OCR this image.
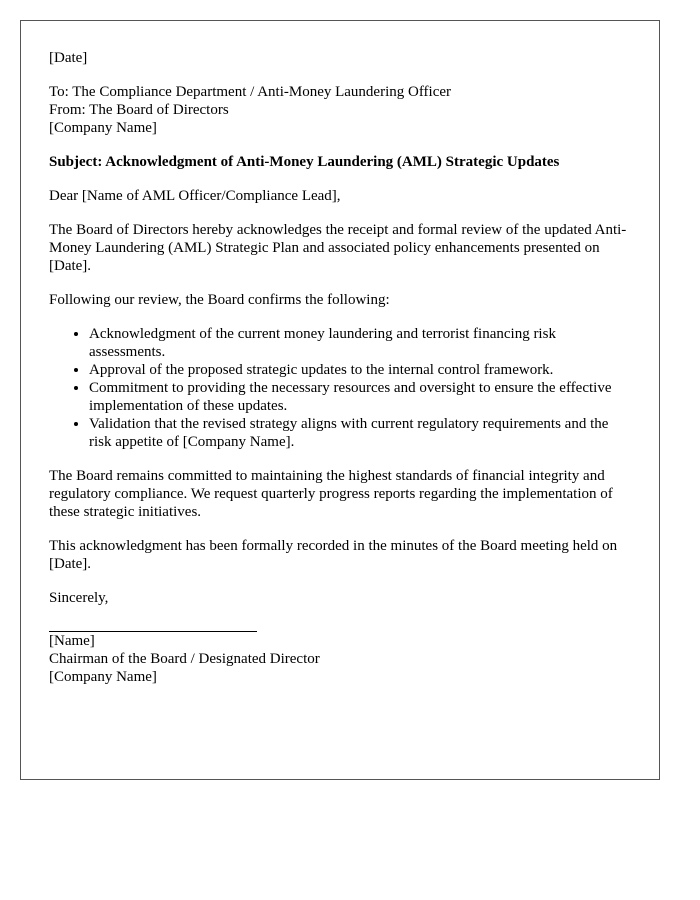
[Date]

To: The Compliance Department / Anti-Money Laundering Officer
From: The Board of Directors
[Company Name]

Subject: Acknowledgment of Anti-Money Laundering (AML) Strategic Updates

Dear [Name of AML Officer/Compliance Lead],

The Board of Directors hereby acknowledges the receipt and formal review of the updated Anti-Money Laundering (AML) Strategic Plan and associated policy enhancements presented on [Date].

Following our review, the Board confirms the following:

• Acknowledgment of the current money laundering and terrorist financing risk assessments.
• Approval of the proposed strategic updates to the internal control framework.
• Commitment to providing the necessary resources and oversight to ensure the effective implementation of these updates.
• Validation that the revised strategy aligns with current regulatory requirements and the risk appetite of [Company Name].

The Board remains committed to maintaining the highest standards of financial integrity and regulatory compliance. We request quarterly progress reports regarding the implementation of these strategic initiatives.

This acknowledgment has been formally recorded in the minutes of the Board meeting held on [Date].

Sincerely,

[Name]
Chairman of the Board / Designated Director
[Company Name]
